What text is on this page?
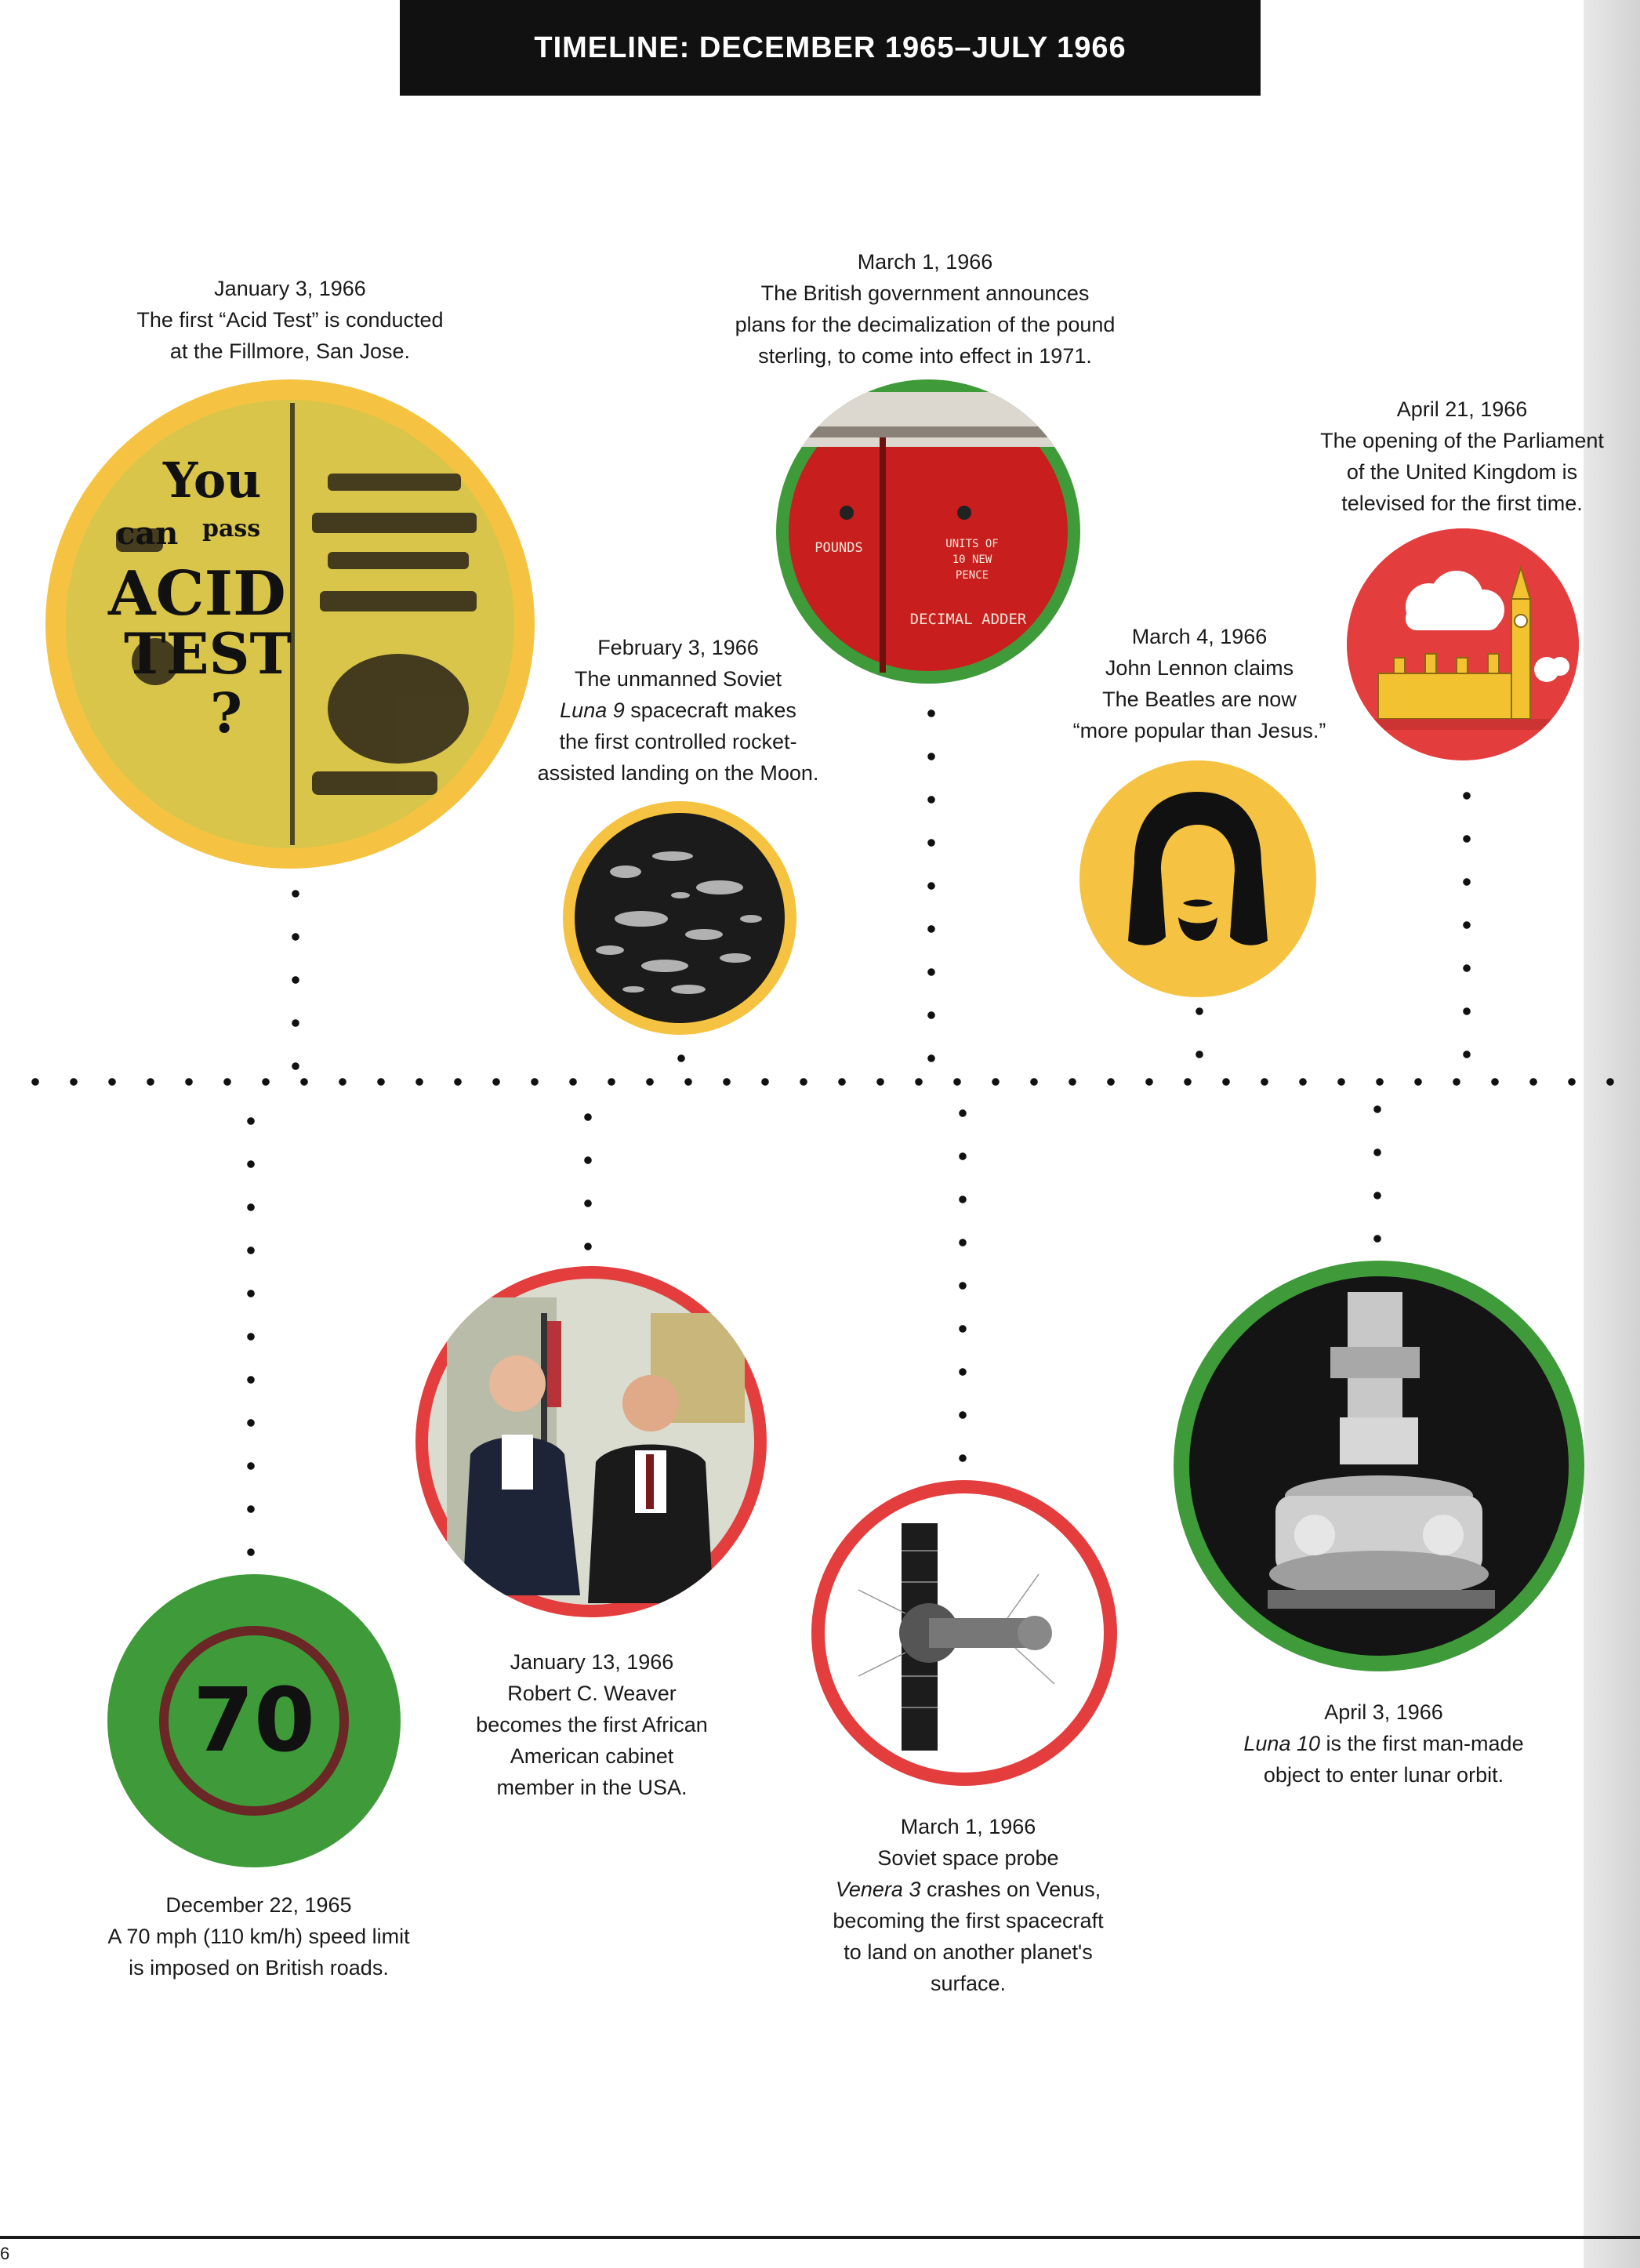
TIMELINE: DECEMBER 1965–JULY 1966
January 3, 1966
The first “Acid Test” is conducted
at the Fillmore, San Jose.
March 1, 1966
The British government announces
plans for the decimalization of the pound
sterling, to come into effect in 1971.
April 21, 1966
The opening of the Parliament
of the United Kingdom is
televised for the first time.
February 3, 1966
The unmanned Soviet
Luna 9 spacecraft makes
the first controlled rocket-
assisted landing on the Moon.
March 4, 1966
John Lennon claims
The Beatles are now
“more popular than Jesus.”
January 13, 1966
Robert C. Weaver
becomes the first African
American cabinet
member in the USA.
April 3, 1966
Luna 10 is the first man-made
object to enter lunar orbit.
March 1, 1966
Soviet space probe
Venera 3 crashes on Venus,
becoming the first spacecraft
to land on another planet's
surface.
December 22, 1965
A 70 mph (110 km/h) speed limit
is imposed on British roads.
You
can pass
ACID
TEST
?
POUNDS
DECIMAL ADDER
UNITS OF
10 NEW
PENCE
70
6
